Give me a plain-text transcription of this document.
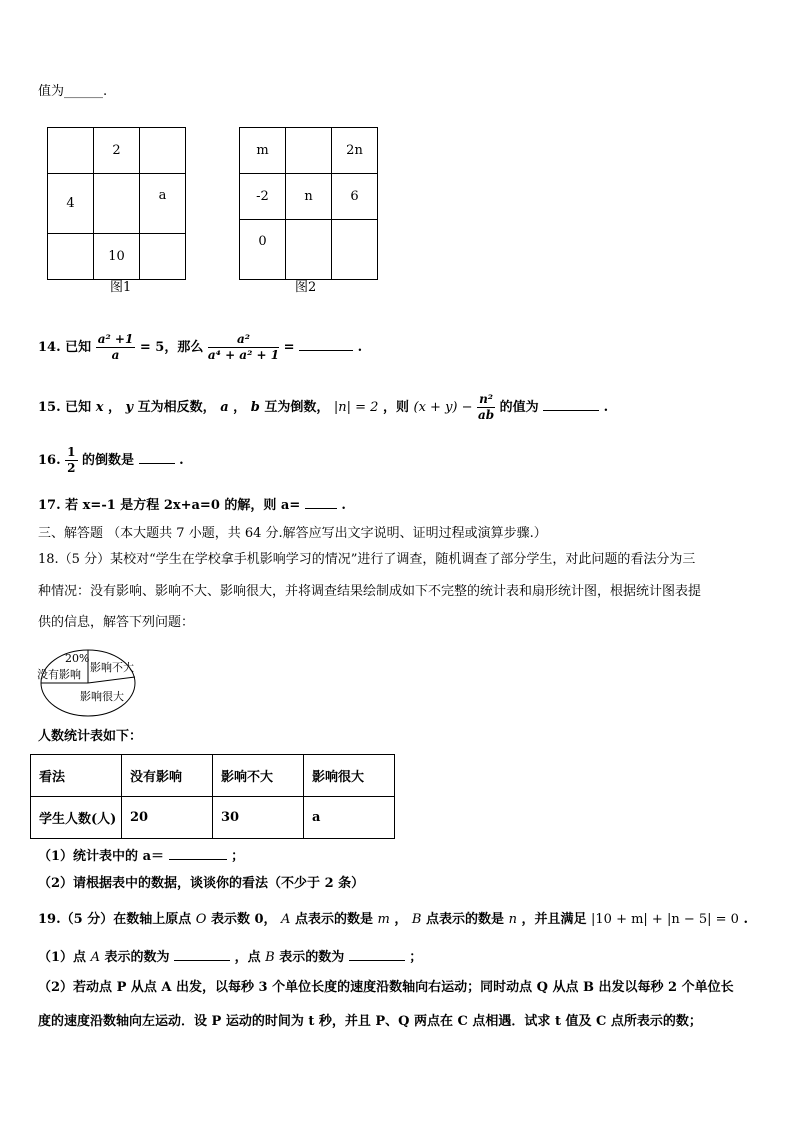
值为______.
	2	
4		a
	10	
图1
m		2n
-2	n	6
0		
图2
14. 已知 $\frac{\text{a² +1}}{a} = 5$，那么 $\frac{\text{a²}}{\text{a⁴ + a² + 1}}$ =	.
15. 已知 x ， y 互为相反数， a ， b 互为倒数， |n| = 2 ，则 $(x + y) - \frac{\text{n²}}{ab}$ 的值为	.
16. $\frac{1}{2}$ 的倒数是	.
17. 若 x=-1 是方程 2x+a=0 的解，则 a=	.
三、解答题 （本大题共 7 小题，共 64 分.解答应写出文字说明、证明过程或演算步骤.）
18.（5 分）某校对“学生在学校拿手机影响学习的情况”进行了调查，随机调查了部分学生，对此问题的看法分为三
种情况：没有影响、影响不大、影响很大，并将调查结果绘制成如下不完整的统计表和扇形统计图，根据统计图表提
供的信息，解答下列问题：
20%
没有影响
影响不大
影响很大
人数统计表如下：
看法	没有影响	影响不大	影响很大
学生人数(人)	20	30	a
（1）统计表中的 a＝	；
（2）请根据表中的数据，谈谈你的看法（不少于 2 条）
19.（5 分）在数轴上原点 O 表示数 0， A 点表示的数是 m ， B 点表示的数是 n ，并且满足 |10 + m| + |n − 5| = 0 .
（1）点 A 表示的数为	，点 B 表示的数为	；
（2）若动点 P 从点 A 出发，以每秒 3 个单位长度的速度沿数轴向右运动；同时动点 Q 从点 B 出发以每秒 2 个单位长
度的速度沿数轴向左运动．设 P 运动的时间为 t 秒，并且 P、Q 两点在 C 点相遇．试求 t 值及 C 点所表示的数；
